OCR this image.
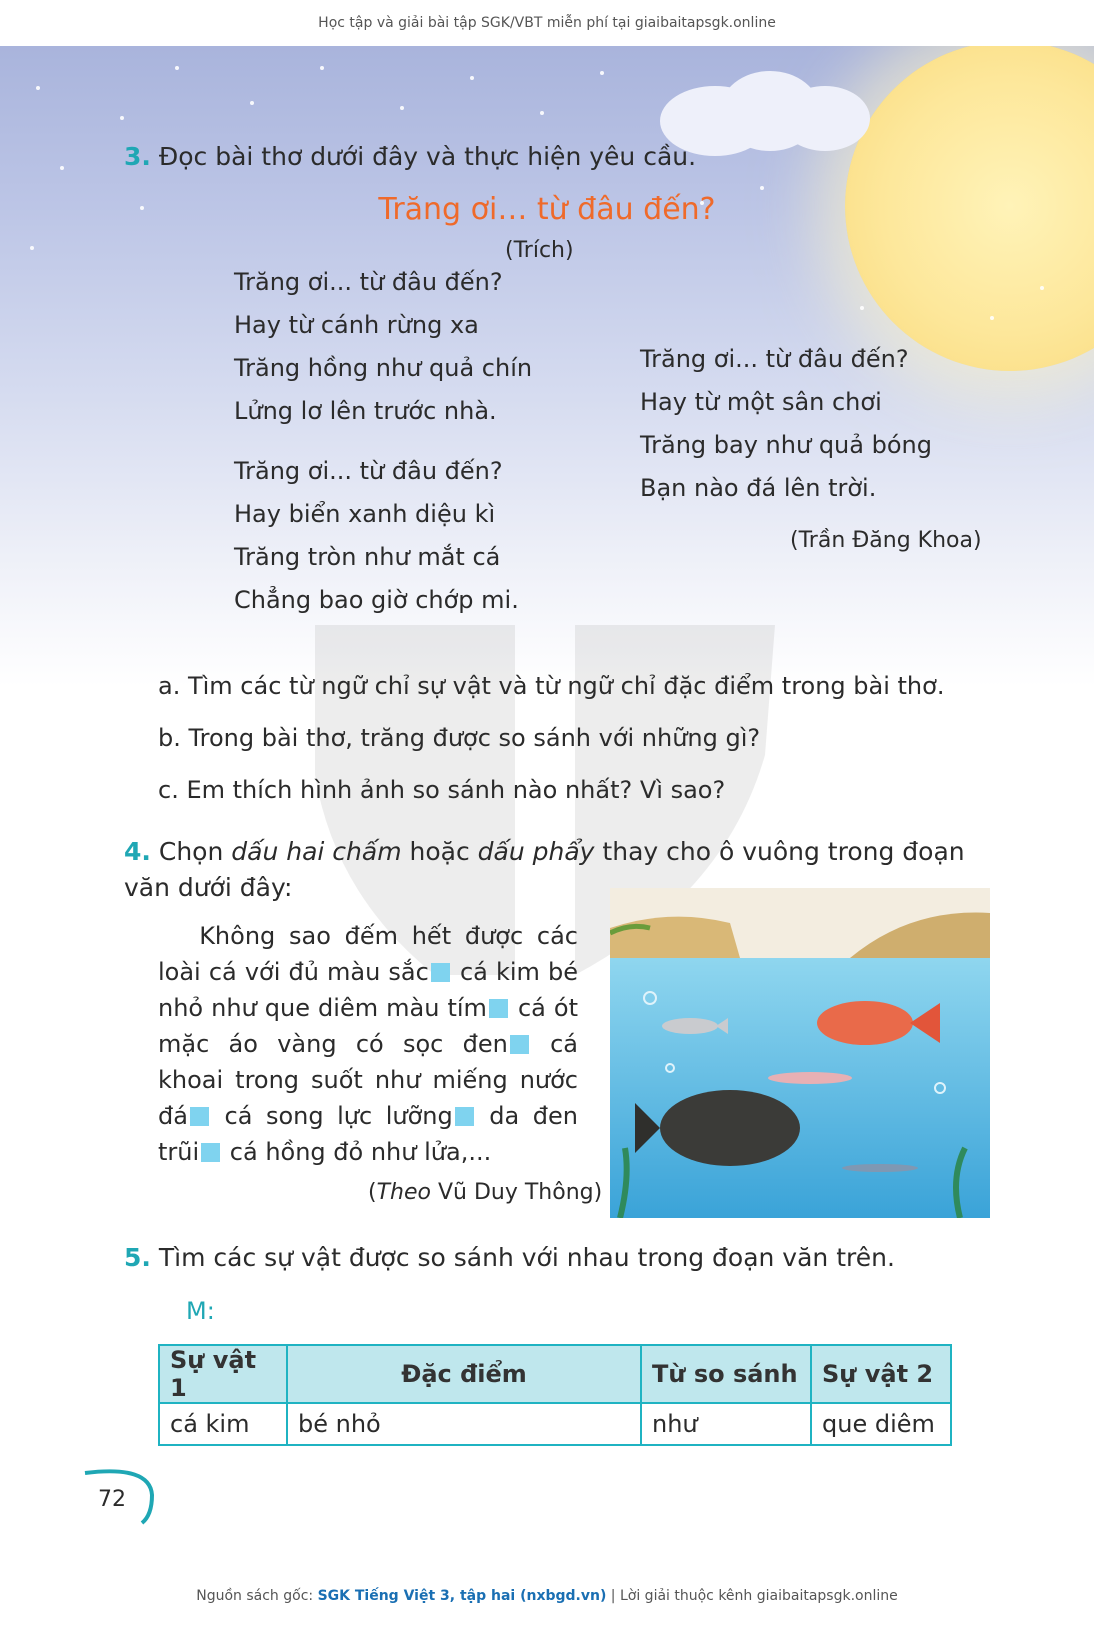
Học tập và giải bài tập SGK/VBT miễn phí tại giaibaitapsgk.online
3. Đọc bài thơ dưới đây và thực hiện yêu cầu.
Trăng ơi… từ đâu đến?
(Trích)
Trăng ơi... từ đâu đến?
Hay từ cánh rừng xa
Trăng hồng như quả chín
Lửng lơ lên trước nhà.
Trăng ơi... từ đâu đến?
Hay biển xanh diệu kì
Trăng tròn như mắt cá
Chẳng bao giờ chớp mi.
Trăng ơi... từ đâu đến?
Hay từ một sân chơi
Trăng bay như quả bóng
Bạn nào đá lên trời.
(Trần Đăng Khoa)
a. Tìm các từ ngữ chỉ sự vật và từ ngữ chỉ đặc điểm trong bài thơ.
b. Trong bài thơ, trăng được so sánh với những gì?
c. Em thích hình ảnh so sánh nào nhất? Vì sao?
4. Chọn dấu hai chấm hoặc dấu phẩy thay cho ô vuông trong đoạn văn dưới đây:
Không sao đếm hết được các loài cá với đủ màu sắc cá kim bé nhỏ như que diêm màu tím cá ót mặc áo vàng có sọc đen cá khoai trong suốt như miếng nước đá cá song lực lưỡng da đen trũi cá hồng đỏ như lửa,...
(Theo Vũ Duy Thông)
5. Tìm các sự vật được so sánh với nhau trong đoạn văn trên.
M:
Sự vật 1	Đặc điểm	Từ so sánh	Sự vật 2
cá kim	bé nhỏ	như	que diêm
72
Nguồn sách gốc: SGK Tiếng Việt 3, tập hai (nxbgd.vn) | Lời giải thuộc kênh giaibaitapsgk.online
